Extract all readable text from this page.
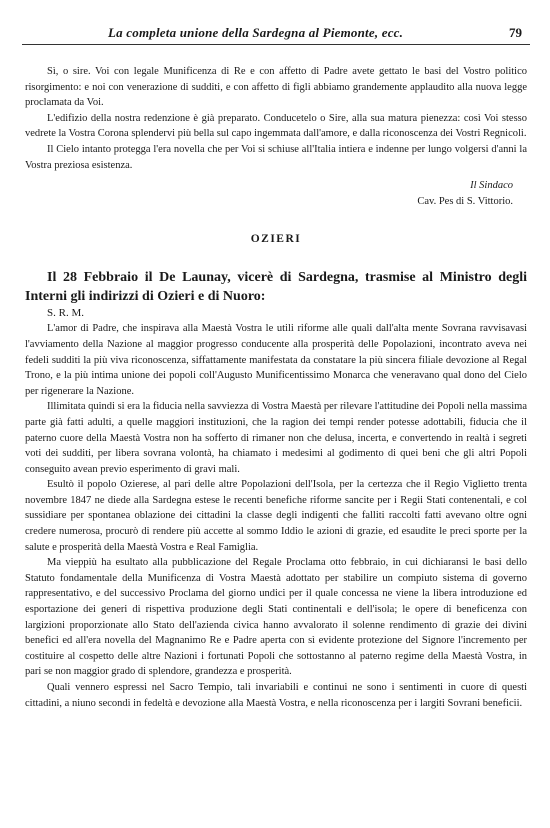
La completa unione della Sardegna al Piemonte, ecc.	79

Sì, o sire. Voi con legale Munificenza di Re e con affetto di Padre avete gettato le basi del Vostro politico risorgimento: e noi con venerazione di sudditi, e con affetto di figli abbiamo grandemente applaudito alla nuova legge proclamata da Voi.

L'edifizio della nostra redenzione è già preparato. Conducetelo o Sire, alla sua matura pienezza: così Voi stesso vedrete la Vostra Corona splendervi più bella sul capo ingemmata dall'amore, e dalla riconoscenza dei Vostri Regnicoli.

Il Cielo intanto protegga l'era novella che per Voi si schiuse all'Italia intiera e indenne per lungo volgersi d'anni la Vostra preziosa esistenza.

Il Sindaco
Cav. Pes di S. Vittorio.
OZIERI

Il 28 Febbraio il De Launay, vicerè di Sardegna, trasmise al Ministro degli Interni gli indirizzi di Ozieri e di Nuoro:

S. R. M.

L'amor di Padre, che inspirava alla Maestà Vostra le utili riforme alle quali dall'alta mente Sovrana ravvisavasi l'avviamento della Nazione al maggior progresso conducente alla prosperità delle Popolazioni, incontrato aveva nei fedeli sudditi la più viva riconoscenza, siffattamente manifestata da constatare la più sincera filiale devozione al Regal Trono, e la più intima unione dei popoli coll'Augusto Munificentissimo Monarca che veneravano qual dono del Cielo per rigenerare la Nazione.

Illimitata quindi si era la fiducia nella savviezza di Vostra Maestà per rilevare l'attitudine dei Popoli nella massima parte già fatti adulti, a quelle maggiori instituzioni, che la ragion dei tempi render potesse adottabili, fiducia che il paterno cuore della Maestà Vostra non ha sofferto di rimaner non che delusa, incerta, e convertendo in realtà i segreti voti dei sudditi, per libera sovrana volontà, ha chiamato i medesimi al godimento di quei beni che gli altri Popoli conseguito avean previo esperimento di gravi mali.

Esultò il popolo Ozierese, al pari delle altre Popolazioni dell'Isola, per la certezza che il Regio Viglietto trenta novembre 1847 ne diede alla Sardegna estese le recenti benefiche riforme sancite per i Regii Stati contenentali, e col sussidiare per spontanea oblazione dei cittadini la classe degli indigenti che falliti raccolti fatti avevano oltre ogni credere numerosa, procurò di rendere più accette al sommo Iddio le azioni di grazie, ed esaudite le preci sporte per la salute e prosperità della Maestà Vostra e Real Famiglia.

Ma vieppiù ha esultato alla pubblicazione del Regale Proclama otto febbraio, in cui dichiaransi le basi dello Statuto fondamentale della Munificenza di Vostra Maestà adottato per stabilire un compiuto sistema di governo rappresentativo, e del successivo Proclama del giorno undici per il quale concessa ne viene la libera introduzione ed esportazione dei generi di rispettiva produzione degli Stati continentali e dell'isola; le opere di beneficenza con largizioni proporzionate allo Stato dell'azienda civica hanno avvalorato il solenne rendimento di grazie dei divini benefici ed all'era novella del Magnanimo Re e Padre aperta con sì evidente protezione del Signore l'incremento per costituire al cospetto delle altre Nazioni i fortunati Popoli che sottostanno al paterno regime della Maestà Vostra, in pari se non maggior grado di splendore, grandezza e prosperità.

Quali vennero espressi nel Sacro Tempio, tali invariabili e continui ne sono i sentimenti in cuore di questi cittadini, a niuno secondi in fedeltà e devozione alla Maestà Vostra, e nella riconoscenza per i largiti Sovrani beneficii.
